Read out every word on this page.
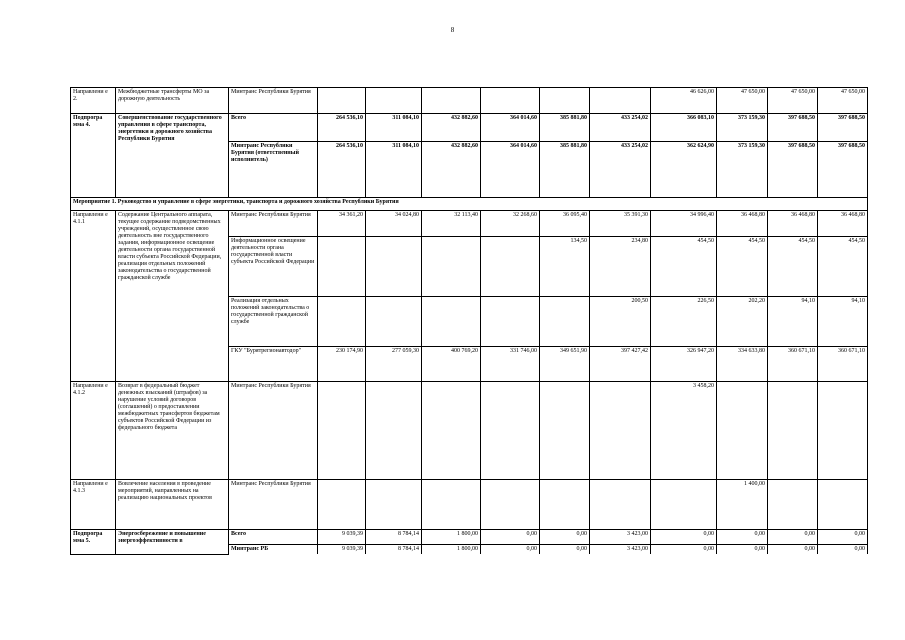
8
Направлени е 2.	Межбюджетные трансферты МО за дорожную деятельность	Минтранс Республики Бурятия							46 626,00	47 650,00	47 650,00	47 650,00
Подпрогра мма 4.	Совершенствование государственного управления в сфере транспорта, энергетики и дорожного хозяйства Республики Бурятия	Всего	264 536,10	311 084,10	432 882,60	364 014,60	385 881,80	433 254,02	366 083,10	373 159,30	397 688,50	397 688,50
		Минтранс Республики Бурятия (ответственный исполнитель)	264 536,10	311 084,10	432 882,60	364 014,60	385 881,80	433 254,02	362 624,90	373 159,30	397 688,50	397 688,50
Мероприятие 1. Руководство и управление в сфере энергетики, транспорта и дорожного хозяйства Республики Бурятия												
Направлени е 4.1.1	Содержание Центрального аппарата, текущее содержание подведомственных учреждений, осуществленное свою деятельность вне государственного задания, информационное освещение деятельности органа государственной власти субъекта Российской Федерации, реализация отдельных положений законодательства о государственной гражданской службе	Минтранс Республики Бурятия	34 361,20	34 024,80	32 113,40	32 268,60	36 095,40	35 391,30	34 996,40	36 468,80	36 468,80	36 468,80
		Информационное освещение деятельности органа государственной власти субъекта Российской Федерации					134,50	234,80	454,50	454,50	454,50	454,50
		Реализация отдельных положений законодательства о государственной гражданской службе						200,50	226,50	202,20	94,10	94,10
		ГКУ "Бурятрегионавтодор"	230 174,90	277 059,30	400 769,20	331 746,00	349 651,90	397 427,42	326 947,20	334 633,80	360 671,10	360 671,10
Направлени е 4.1.2	Возврат в федеральный бюджет денежных взысканий (штрафов) за нарушение условий договоров (соглашений) о предоставлении межбюджетных трансфертов бюджетам субъектов Российской Федерации из федерального бюджета	Минтранс Республики Бурятия							3 458,20			
Направлени е 4.1.3	Вовлечение населения в проведение мероприятий, направленных на реализацию национальных проектов	Минтранс Республики Бурятия								1 400,00		
Подпрогра мма 5.	Энергосбережение и повышение энергоэффективности в	Всего	9 039,39	8 784,14	1 800,00	0,00	0,00	3 423,00	0,00	0,00	0,00	0,00
		Минтранс РБ	9 039,39	8 784,14	1 800,00	0,00	0,00	3 423,00	0,00	0,00	0,00	0,00
